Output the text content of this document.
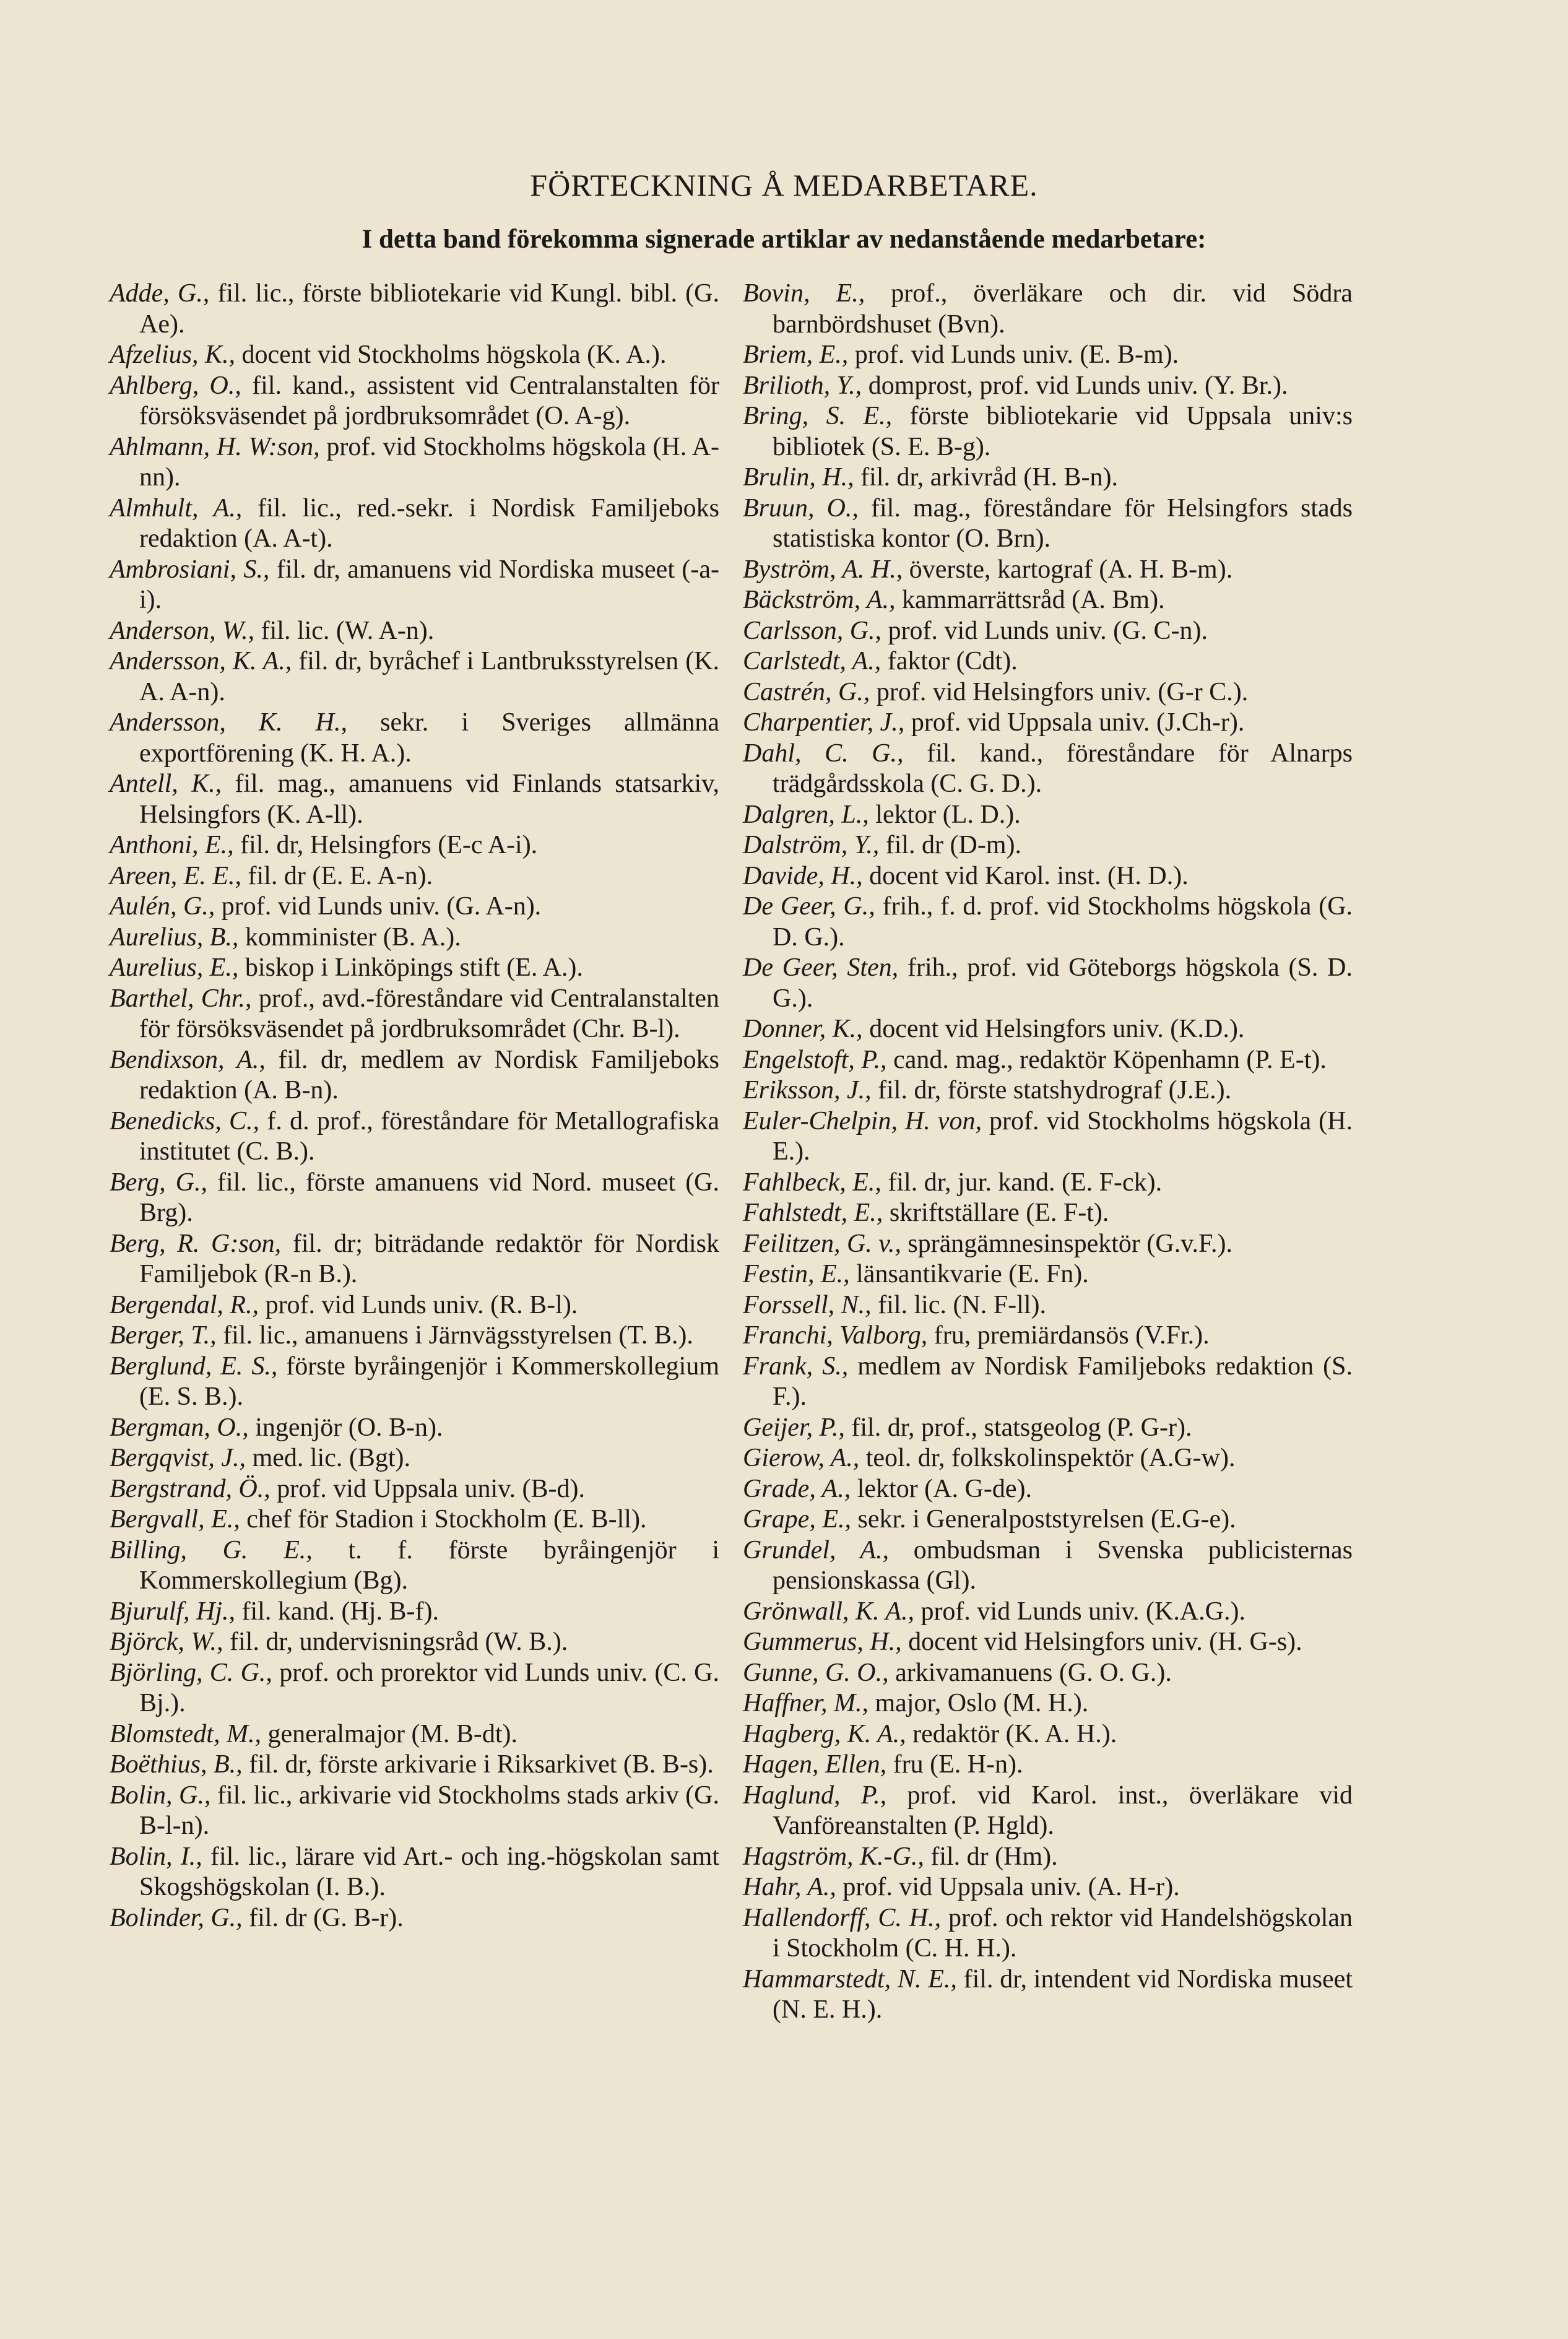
FÖRTECKNING Å MEDARBETARE.
I detta band förekomma signerade artiklar av nedanstående medarbetare:

Adde, G., fil. lic., förste bibliotekarie vid Kungl. bibl. (G. Ae).

Afzelius, K., docent vid Stockholms högskola (K. A.).

Ahlberg, O., fil. kand., assistent vid Centralanstalten för försöksväsendet på jordbruksområdet (O. A-g).

Ahlmann, H. W:son, prof. vid Stockholms högskola (H. A-nn).

Almhult, A., fil. lic., red.-sekr. i Nordisk Familjeboks redaktion (A. A-t).

Ambrosiani, S., fil. dr, amanuens vid Nordiska museet (-a-i).

Anderson, W., fil. lic. (W. A-n).

Andersson, K. A., fil. dr, byråchef i Lantbruksstyrelsen (K. A. A-n).

Andersson, K. H., sekr. i Sveriges allmänna exportförening (K. H. A.).

Antell, K., fil. mag., amanuens vid Finlands statsarkiv, Helsingfors (K. A-ll).

Anthoni, E., fil. dr, Helsingfors (E-c A-i).

Areen, E. E., fil. dr (E. E. A-n).

Aulén, G., prof. vid Lunds univ. (G. A-n).

Aurelius, B., komminister (B. A.).

Aurelius, E., biskop i Linköpings stift (E. A.).

Barthel, Chr., prof., avd.-föreståndare vid Centralanstalten för försöksväsendet på jordbruksområdet (Chr. B-l).

Bendixson, A., fil. dr, medlem av Nordisk Familjeboks redaktion (A. B-n).

Benedicks, C., f. d. prof., föreståndare för Metallografiska institutet (C. B.).

Berg, G., fil. lic., förste amanuens vid Nord. museet (G. Brg).

Berg, R. G:son, fil. dr; biträdande redaktör för Nordisk Familjebok (R-n B.).

Bergendal, R., prof. vid Lunds univ. (R. B-l).

Berger, T., fil. lic., amanuens i Järnvägsstyrelsen (T. B.).

Berglund, E. S., förste byråingenjör i Kommerskollegium (E. S. B.).

Bergman, O., ingenjör (O. B-n).

Bergqvist, J., med. lic. (Bgt).

Bergstrand, Ö., prof. vid Uppsala univ. (B-d).

Bergvall, E., chef för Stadion i Stockholm (E. B-ll).

Billing, G. E., t. f. förste byråingenjör i Kommerskollegium (Bg).

Bjurulf, Hj., fil. kand. (Hj. B-f).

Björck, W., fil. dr, undervisningsråd (W. B.).

Björling, C. G., prof. och prorektor vid Lunds univ. (C. G. Bj.).

Blomstedt, M., generalmajor (M. B-dt).

Boëthius, B., fil. dr, förste arkivarie i Riksarkivet (B. B-s).

Bolin, G., fil. lic., arkivarie vid Stockholms stads arkiv (G. B-l-n).

Bolin, I., fil. lic., lärare vid Art.- och ing.-högskolan samt Skogshögskolan (I. B.).

Bolinder, G., fil. dr (G. B-r).

Bovin, E., prof., överläkare och dir. vid Södra barnbördshuset (Bvn).

Briem, E., prof. vid Lunds univ. (E. B-m).

Brilioth, Y., domprost, prof. vid Lunds univ. (Y. Br.).

Bring, S. E., förste bibliotekarie vid Uppsala univ:s bibliotek (S. E. B-g).

Brulin, H., fil. dr, arkivråd (H. B-n).

Bruun, O., fil. mag., föreståndare för Helsingfors stads statistiska kontor (O. Brn).

Byström, A. H., överste, kartograf (A. H. B-m).

Bäckström, A., kammarrättsråd (A. Bm).

Carlsson, G., prof. vid Lunds univ. (G. C-n).

Carlstedt, A., faktor (Cdt).

Castrén, G., prof. vid Helsingfors univ. (G-r C.).

Charpentier, J., prof. vid Uppsala univ. (J.Ch-r).

Dahl, C. G., fil. kand., föreståndare för Alnarps trädgårdsskola (C. G. D.).

Dalgren, L., lektor (L. D.).

Dalström, Y., fil. dr (D-m).

Davide, H., docent vid Karol. inst. (H. D.).

De Geer, G., frih., f. d. prof. vid Stockholms högskola (G. D. G.).

De Geer, Sten, frih., prof. vid Göteborgs högskola (S. D. G.).

Donner, K., docent vid Helsingfors univ. (K.D.).

Engelstoft, P., cand. mag., redaktör Köpenhamn (P. E-t).

Eriksson, J., fil. dr, förste statshydrograf (J.E.).

Euler-Chelpin, H. von, prof. vid Stockholms högskola (H. E.).

Fahlbeck, E., fil. dr, jur. kand. (E. F-ck).

Fahlstedt, E., skriftställare (E. F-t).

Feilitzen, G. v., sprängämnesinspektör (G.v.F.).

Festin, E., länsantikvarie (E. Fn).

Forssell, N., fil. lic. (N. F-ll).

Franchi, Valborg, fru, premiärdansös (V.Fr.).

Frank, S., medlem av Nordisk Familjeboks redaktion (S. F.).

Geijer, P., fil. dr, prof., statsgeolog (P. G-r).

Gierow, A., teol. dr, folkskolinspektör (A.G-w).

Grade, A., lektor (A. G-de).

Grape, E., sekr. i Generalpoststyrelsen (E.G-e).

Grundel, A., ombudsman i Svenska publicisternas pensionskassa (Gl).

Grönwall, K. A., prof. vid Lunds univ. (K.A.G.).

Gummerus, H., docent vid Helsingfors univ. (H. G-s).

Gunne, G. O., arkivamanuens (G. O. G.).

Haffner, M., major, Oslo (M. H.).

Hagberg, K. A., redaktör (K. A. H.).

Hagen, Ellen, fru (E. H-n).

Haglund, P., prof. vid Karol. inst., överläkare vid Vanföreanstalten (P. Hgld).

Hagström, K.-G., fil. dr (Hm).

Hahr, A., prof. vid Uppsala univ. (A. H-r).

Hallendorff, C. H., prof. och rektor vid Handelshögskolan i Stockholm (C. H. H.).

Hammarstedt, N. E., fil. dr, intendent vid Nordiska museet (N. E. H.).
